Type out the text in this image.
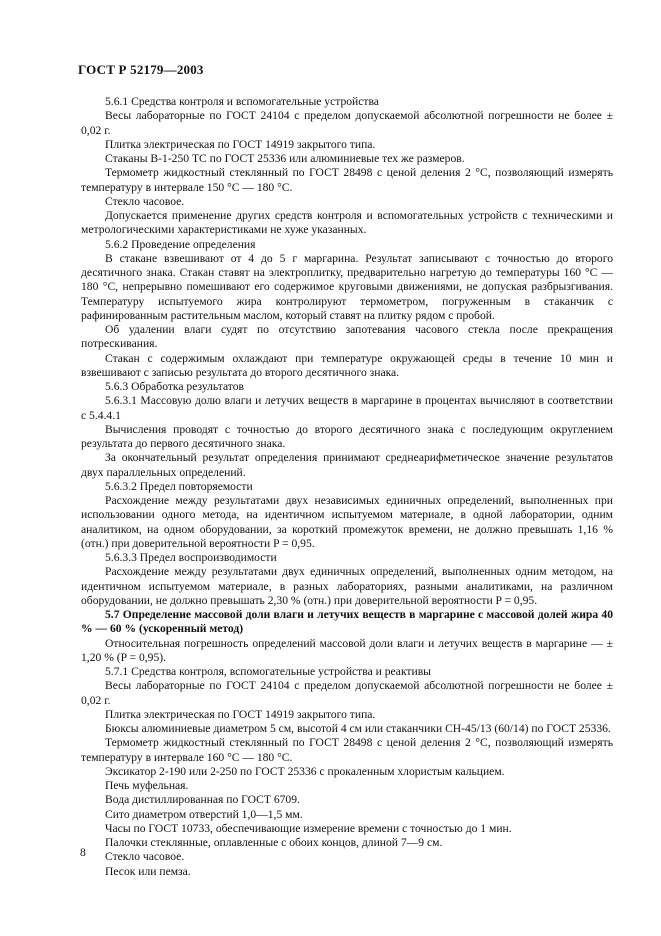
ГОСТ Р 52179—2003

5.6.1 Средства контроля и вспомогательные устройства

Весы лабораторные по ГОСТ 24104 с пределом допускаемой абсолютной погрешности не более ± 0,02 г.

Плитка электрическая по ГОСТ 14919 закрытого типа.

Стаканы В-1-250 ТС по ГОСТ 25336 или алюминиевые тех же размеров.

Термометр жидкостный стеклянный по ГОСТ 28498 с ценой деления 2 °С, позволяющий измерять температуру в интервале 150 °С — 180 °С.

Стекло часовое.

Допускается применение других средств контроля и вспомогательных устройств с техническими и метрологическими характеристиками не хуже указанных.

5.6.2 Проведение определения

В стакане взвешивают от 4 до 5 г маргарина. Результат записывают с точностью до второго десятичного знака. Стакан ставят на электроплитку, предварительно нагретую до температуры 160 °С — 180 °С, непрерывно помешивают его содержимое круговыми движениями, не допуская разбрызгивания. Температуру испытуемого жира контролируют термометром, погруженным в стаканчик с рафинированным растительным маслом, который ставят на плитку рядом с пробой.

Об удалении влаги судят по отсутствию запотевания часового стекла после прекращения потрескивания.

Стакан с содержимым охлаждают при температуре окружающей среды в течение 10 мин и взвешивают с записью результата до второго десятичного знака.

5.6.3 Обработка результатов

5.6.3.1 Массовую долю влаги и летучих веществ в маргарине в процентах вычисляют в соответствии с 5.4.4.1

Вычисления проводят с точностью до второго десятичного знака с последующим округлением результата до первого десятичного знака.

За окончательный результат определения принимают среднеарифметическое значение результатов двух параллельных определений.

5.6.3.2 Предел повторяемости

Расхождение между результатами двух независимых единичных определений, выполненных при использовании одного метода, на идентичном испытуемом материале, в одной лаборатории, одним аналитиком, на одном оборудовании, за короткий промежуток времени, не должно превышать 1,16 % (отн.) при доверительной вероятности P = 0,95.

5.6.3.3 Предел воспроизводимости

Расхождение между результатами двух единичных определений, выполненных одним методом, на идентичном испытуемом материале, в разных лабораториях, разными аналитиками, на различном оборудовании, не должно превышать 2,30 % (отн.) при доверительной вероятности P = 0,95.

5.7 Определение массовой доли влаги и летучих веществ в маргарине с массовой долей жира 40 % — 60 % (ускоренный метод)

Относительная погрешность определений массовой доли влаги и летучих веществ в маргарине — ± 1,20 % (P = 0,95).

5.7.1 Средства контроля, вспомогательные устройства и реактивы

Весы лабораторные по ГОСТ 24104 с пределом допускаемой абсолютной погрешности не более ± 0,02 г.

Плитка электрическая по ГОСТ 14919 закрытого типа.

Бюксы алюминиевые диаметром 5 см, высотой 4 см или стаканчики СН-45/13 (60/14) по ГОСТ 25336.

Термометр жидкостный стеклянный по ГОСТ 28498 с ценой деления 2 °С, позволяющий измерять температуру в интервале 160 °С — 180 °С.

Эксикатор 2-190 или 2-250 по ГОСТ 25336 с прокаленным хлористым кальцием.

Печь муфельная.

Вода дистиллированная по ГОСТ 6709.

Сито диаметром отверстий 1,0—1,5 мм.

Часы по ГОСТ 10733, обеспечивающие измерение времени с точностью до 1 мин.

Палочки стеклянные, оплавленные с обоих концов, длиной 7—9 см.

Стекло часовое.

Песок или пемза.

8
